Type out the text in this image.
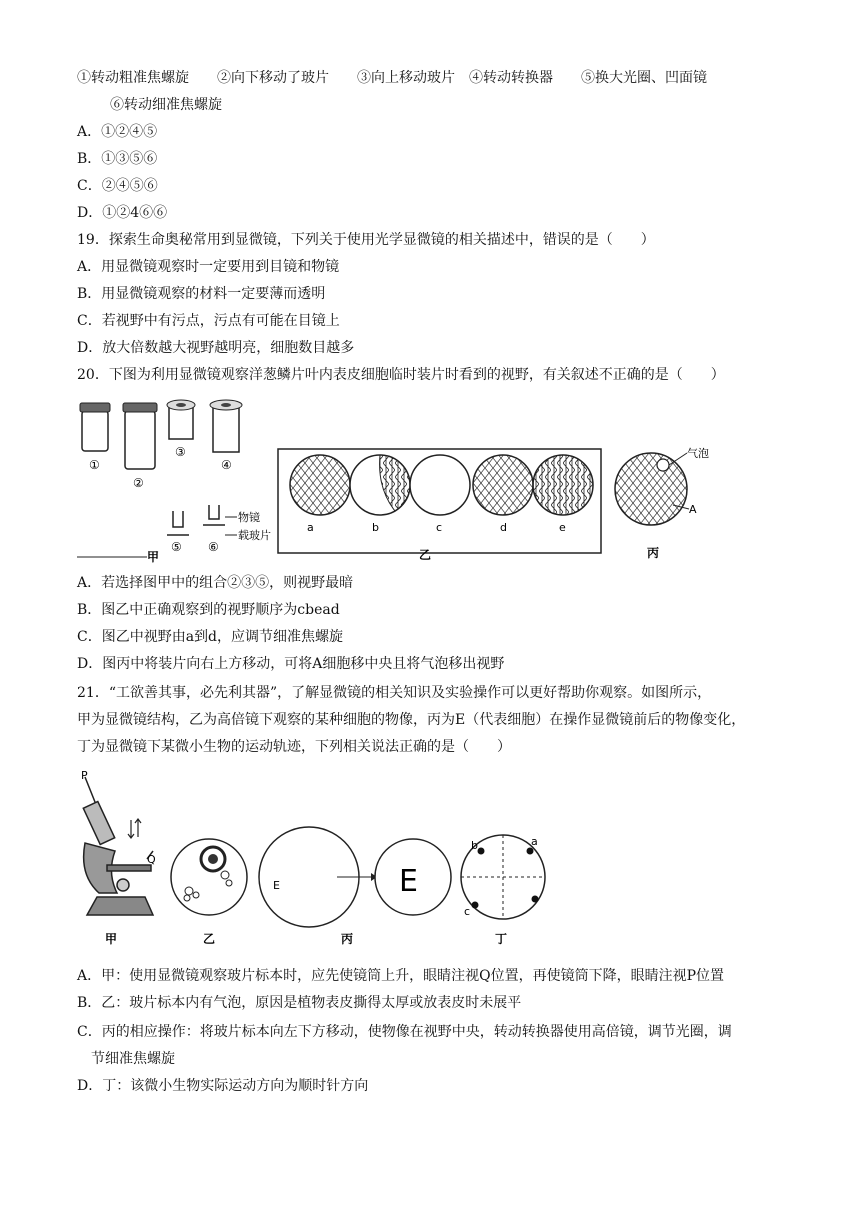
①转动粗准焦螺旋　　②向下移动了玻片　　③向上移动玻片　④转动转换器　　⑤换大光圈、凹面镜
⑥转动细准焦螺旋
A．①②④⑤
B．①③⑤⑥
C．②④⑤⑥
D．①②4⑥⑥
19．探索生命奥秘常用到显微镜，下列关于使用光学显微镜的相关描述中，错误的是（　　）
A．用显微镜观察时一定要用到目镜和物镜
B．用显微镜观察的材料一定要薄而透明
C．若视野中有污点，污点有可能在目镜上
D．放大倍数越大视野越明亮，细胞数目越多
20．下图为利用显微镜观察洋葱鳞片叶内表皮细胞临时装片时看到的视野，有关叙述不正确的是（　　）
①
②
③
④
⑤ ⑥
物镜
载玻片
甲
a	b	c	d	e
乙
气泡
A
丙
A．若选择图甲中的组合②③⑤，则视野最暗
B．图乙中正确观察到的视野顺序为cbead
C．图乙中视野由a到d，应调节细准焦螺旋
D．图丙中将装片向右上方移动，可将A细胞移中央且将气泡移出视野
21．“工欲善其事，必先利其器”，了解显微镜的相关知识及实验操作可以更好帮助你观察。如图所示，
甲为显微镜结构，乙为高倍镜下观察的某种细胞的物像，丙为E（代表细胞）在操作显微镜前后的物像变化，
丁为显微镜下某微小生物的运动轨迹，下列相关说法正确的是（　　）
P
Q
甲	乙
E	E
丙
b	a
c
丁
A．甲：使用显微镜观察玻片标本时，应先使镜筒上升，眼睛注视Q位置，再使镜筒下降，眼睛注视P位置
B．乙：玻片标本内有气泡，原因是植物表皮撕得太厚或放表皮时未展平
C．丙的相应操作：将玻片标本向左下方移动，使物像在视野中央，转动转换器使用高倍镜，调节光圈，调
　节细准焦螺旋
D．丁：该微小生物实际运动方向为顺时针方向
